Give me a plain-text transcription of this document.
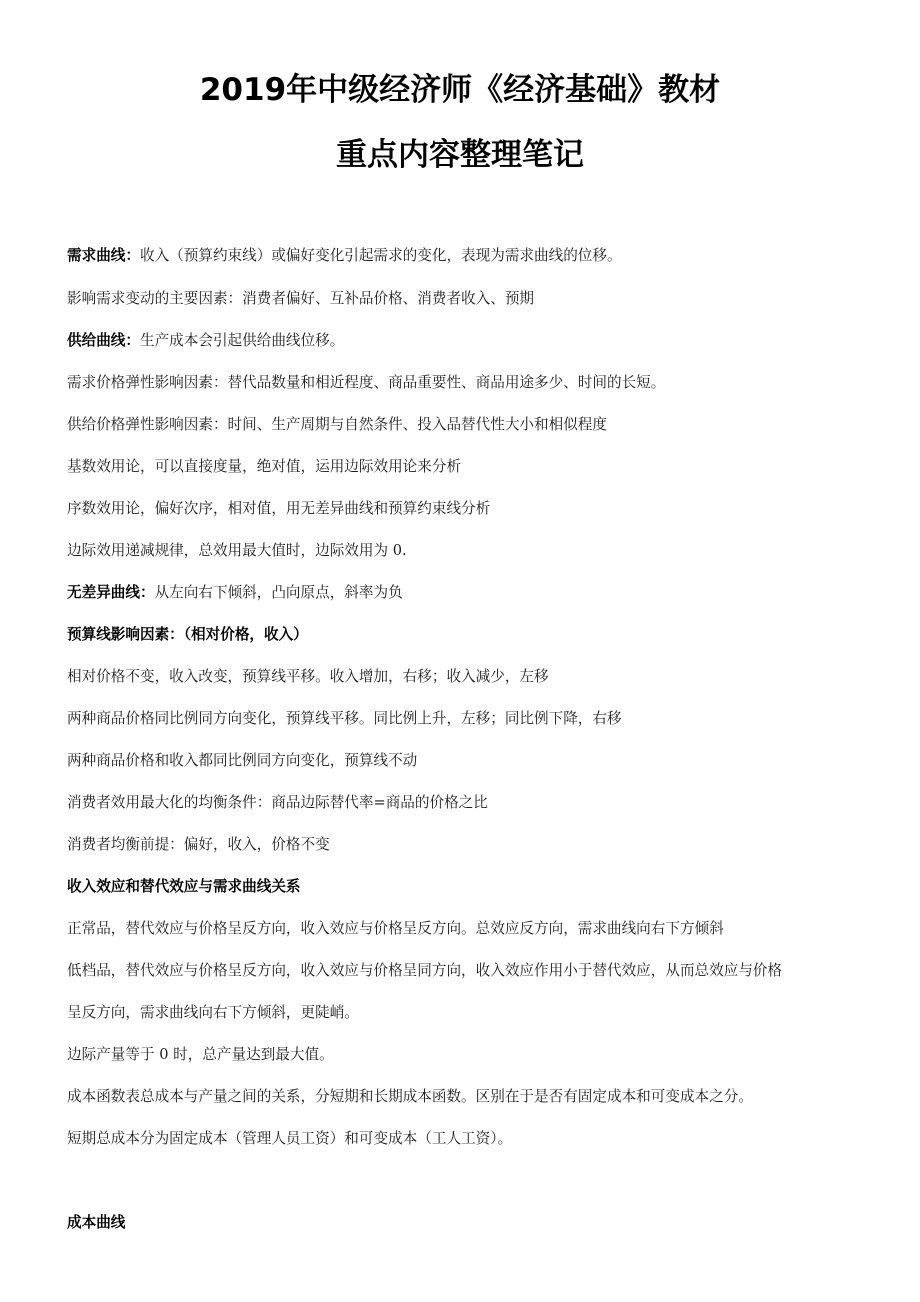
2019年中级经济师《经济基础》教材
重点内容整理笔记

需求曲线：收入（预算约束线）或偏好变化引起需求的变化，表现为需求曲线的位移。

影响需求变动的主要因素：消费者偏好、互补品价格、消费者收入、预期

供给曲线：生产成本会引起供给曲线位移。

需求价格弹性影响因素：替代品数量和相近程度、商品重要性、商品用途多少、时间的长短。

供给价格弹性影响因素：时间、生产周期与自然条件、投入品替代性大小和相似程度

基数效用论，可以直接度量，绝对值，运用边际效用论来分析

序数效用论，偏好次序，相对值，用无差异曲线和预算约束线分析

边际效用递减规律，总效用最大值时，边际效用为 0.

无差异曲线：从左向右下倾斜，凸向原点，斜率为负

预算线影响因素：（相对价格，收入）

相对价格不变，收入改变，预算线平移。收入增加，右移；收入减少，左移

两种商品价格同比例同方向变化，预算线平移。同比例上升，左移；同比例下降，右移

两种商品价格和收入都同比例同方向变化，预算线不动

消费者效用最大化的均衡条件：商品边际替代率=商品的价格之比

消费者均衡前提：偏好，收入，价格不变

收入效应和替代效应与需求曲线关系

正常品，替代效应与价格呈反方向，收入效应与价格呈反方向。总效应反方向，需求曲线向右下方倾斜

低档品，替代效应与价格呈反方向，收入效应与价格呈同方向，收入效应作用小于替代效应，从而总效应与价格

呈反方向，需求曲线向右下方倾斜，更陡峭。

边际产量等于 0 时，总产量达到最大值。

成本函数表总成本与产量之间的关系，分短期和长期成本函数。区别在于是否有固定成本和可变成本之分。

短期总成本分为固定成本（管理人员工资）和可变成本（工人工资）。

成本曲线
